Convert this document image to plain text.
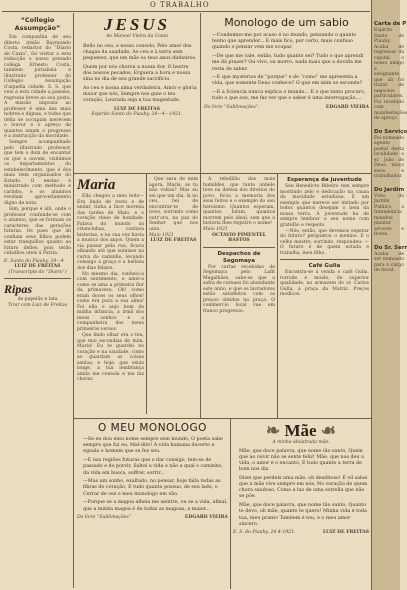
O TRABALHO
“Collegio Assumpção”

Em companhia de seu dilecto irmão Raymundo Costa, redactor do “Diario de Caxia”, foi visitar a esta redacção o nosso prezado collega Ernesto Costa, tambem jornalista e illustrado professor do Collegio Assumpção d’aquella cidade. S. S. que veio á esta cidade a passeio, regressa breve ao seu posto. A missão imposta ao professor é uma das mais nobres e dignas, e todos que della se occupam merecem o louvor e o apreço de quantos amam o progresso e a instrucção da mocidade.

Sempre acompanhado pelo illustrado professor, que tem o dom de encantar os que o ouvem, visitámos os departamentos do estabelecimento, que é dos mais bem organisados do Estado. O ensino é ministrado com methodo e carinho, e os alumnos revelam aproveitamento digno de nota.

Sim, porque é alli, onde o professor confunde-se com o alumno, que se formam os caracteres das gerações futuras. Os paes que ali confiam seus filhos podem estar tranquillos quanto ao futuro delles, pois terão cidadãos uteis á Patria.

E. Santo do Piauhy, 24—4
LUIZ DE FREITAS
(Transcripto do “Diario”)
Ripas
de papelão e lata
Tirar com Luiz de Freitas
JESUS
Ao Manoel Vieira da Costa

Bello no ceu, e nosso consolo, Pelo amor dos chagas da saudade, Ao ceu e à terra sem pequenez, que em mão os teus anos dinheiros.

Quem por nós chorou a nossa dor, O hestre dos nossos pecados, Erguera a hora e nossa sina no dia de seu grande sacrificio.

Ao ceu e nossa alma verdadeira, Amor e gloria maior que nós, Sempre nos guie o teu coração, Louvada seja a tua magestade.

LUIZ DE FREITAS
Espirito Santo do Piauhy, 24—4—1921.
Monologo de um sabio

—Condemno-me por acaso é no mundo, pensando o quanto tenho que aprender... E mais fico, por certo, mais confuso quando o pensar vem me ocupar.

—De que me vale, então, tudo quanto sei? Tudo o que aprendi me dá prazer? Ou vivo, ou morro, nada mais que a duvida me resta de saber.

—E que mysterios de “porque” e de “como” me apresenta a vida, que somente Deus conhece? O que em mim se esconde?

—E a Sciencia nunca explica o mundo... E o que tanto procuro, tudo o que sou, me faz ver que o saber é uma interrogação....

Do livro “Sublimações”.	EDGARD VIEIRA
Maria

Ella chegou a meu leito—Era linda de rosto e de andar, tinha a face morena das tardes de Maio, e o coração cheio de bondade. Falava do mundo ás criancinhas, contava historias, e na sua voz havia a musica dos anjos. Quem a via passar pela rua, ficava olhando até que sumisse na curva do caminho, levando comsigo a graça e a belleza dos dias felizes.

No mesmo dia, conheci-a com sentimento, e amei-a como se ama a primeira flor da primavera. Oh! como eram doces os seus olhos! como era pura a sua alma! Foi ella o anjo bom da minha infancia, a irmã dos meus sonhos e a companheira dos meus primeiros versos.

Que lindo olhar era o teu, que mui escondias de mim, Maria! Eu te guardei no coração e na saudade, como se guardam as coisas santas, e hoje, que estás longe, a tua lembrança ainda me consola e me faz chorar.

Que sera de mim agora, Maria, se tu não voltas? Mas eu sei que um dia, lá no ceu, hei de encontrar-te de novo, sorrindo como outr’ora, na paz do Senhor que nos uniu.

Maio 1921
LUIZ DE FREITAS

Á rebellião dos mais humildes, que tanto anhelo teve na defesa dos direitos do povo, ficou a memoria dos seus feitos e o exemplo do seu heroismo. Quantos esperam, quantos lutam, quantos morrem pelo ideal, sem que a historia lhes registre o nome!

Maio 1921
OCTAVIO PIMENTEL BASTOS
Despachos de Segomaya

Por cartas recebidas de Segomaya pelo Lafit Magalhães, sabe-se que a safra de cereaes foi abundante este anno, e que os lavradores estão satisfeitos com os preços obtidos na praça. O commercio local vae em franco progresso.

Esperança da juventude

Seu Benedicto Ribeiro tem sempre mostrado zelo e dedicação na causa da mocidade estudiosa. É um exemplo que merece ser imitado por todos quantos desejam o bem da nossa terra. A juventude ha de sempre lembrar o seu nome com gratidão e respeito.

—Nós, então, que devemos esperar do futuro? perguntou o menino. E o velho mestre, sorrindo, respondeu: —O futuro é de quem estuda e trabalha, meu filho.

Café Gulla

Encontra-se á venda o café Gulla, torrado e moido, de superior qualidade, no armazem do sr. Carlos Gulla, á praça da Matriz. Preços modicos.

O MEU MONOLOGO

—Se eu dou meu nome sempre sem mundo, O poeta sabe sempre que fui eu. Mal-dito! A vida humana decerto e eguala o homem que se fez seu.

—E nas regiões futuras que o dar consigo, tem-se de passado e do porvir, Saltei a vida e não a qual o caminho, da vida em busca, soffrer, sorrir...

—Mas um sonho, exaltado, no pensar, hoje falla todas as fibras do coração, E tudo quanto possuo, de seu lado, o Cerrar de vez o meu monologo em vão.

—Porque se a magoa alheia me sentire, ou se a vida, afinal, que a minha magoa é de todas as magoas, a maior...

Do livro “Sublimações”	EDGARD VIEIRA
❧ Mãe ☙
A minha idolatrada mãe.

Mãe, que doce palavra, que nome tão santo, Quem que ao ouvir não se sente feliz! Mãe, que nos deu a vida, o amor e o encanto, E tudo quanto a terra de bom nos diz.

Dizei que perdeis uma mãe, oh desditoso! É vil sabei que a mãe vive sempre em nós, No coração de quem chora saudoso, Como a luz de uma estrella que não se põe.

Mãe, que doce palavra, que nome tão santo, Quanto te devo, oh mãe, quanto te quero! Minha vida é toda tua, meu pranto Tambem é teu, e o meu amor sincero.

E. S. do Piauhy, 24-4-1921.	LUIZ DE FREITAS
Carta de P
Espirito Santo de Piauhy. Acaba de regressar da capital o nosso amigo e assignante, que ali foi tratar de negocios particulares. Foi recebido com manifestações de apreço.
Do Serviço
Foi nomeado agente postal desta localidade o sr. João de Deus, moço serio e trabalhador.
Do Jardim
Visto do Jardim Publico, a Intendencia mandou plantar arvores e flores.
Do Sr. Serr
Acaba de ser nomeado para o cargo de fiscal.
